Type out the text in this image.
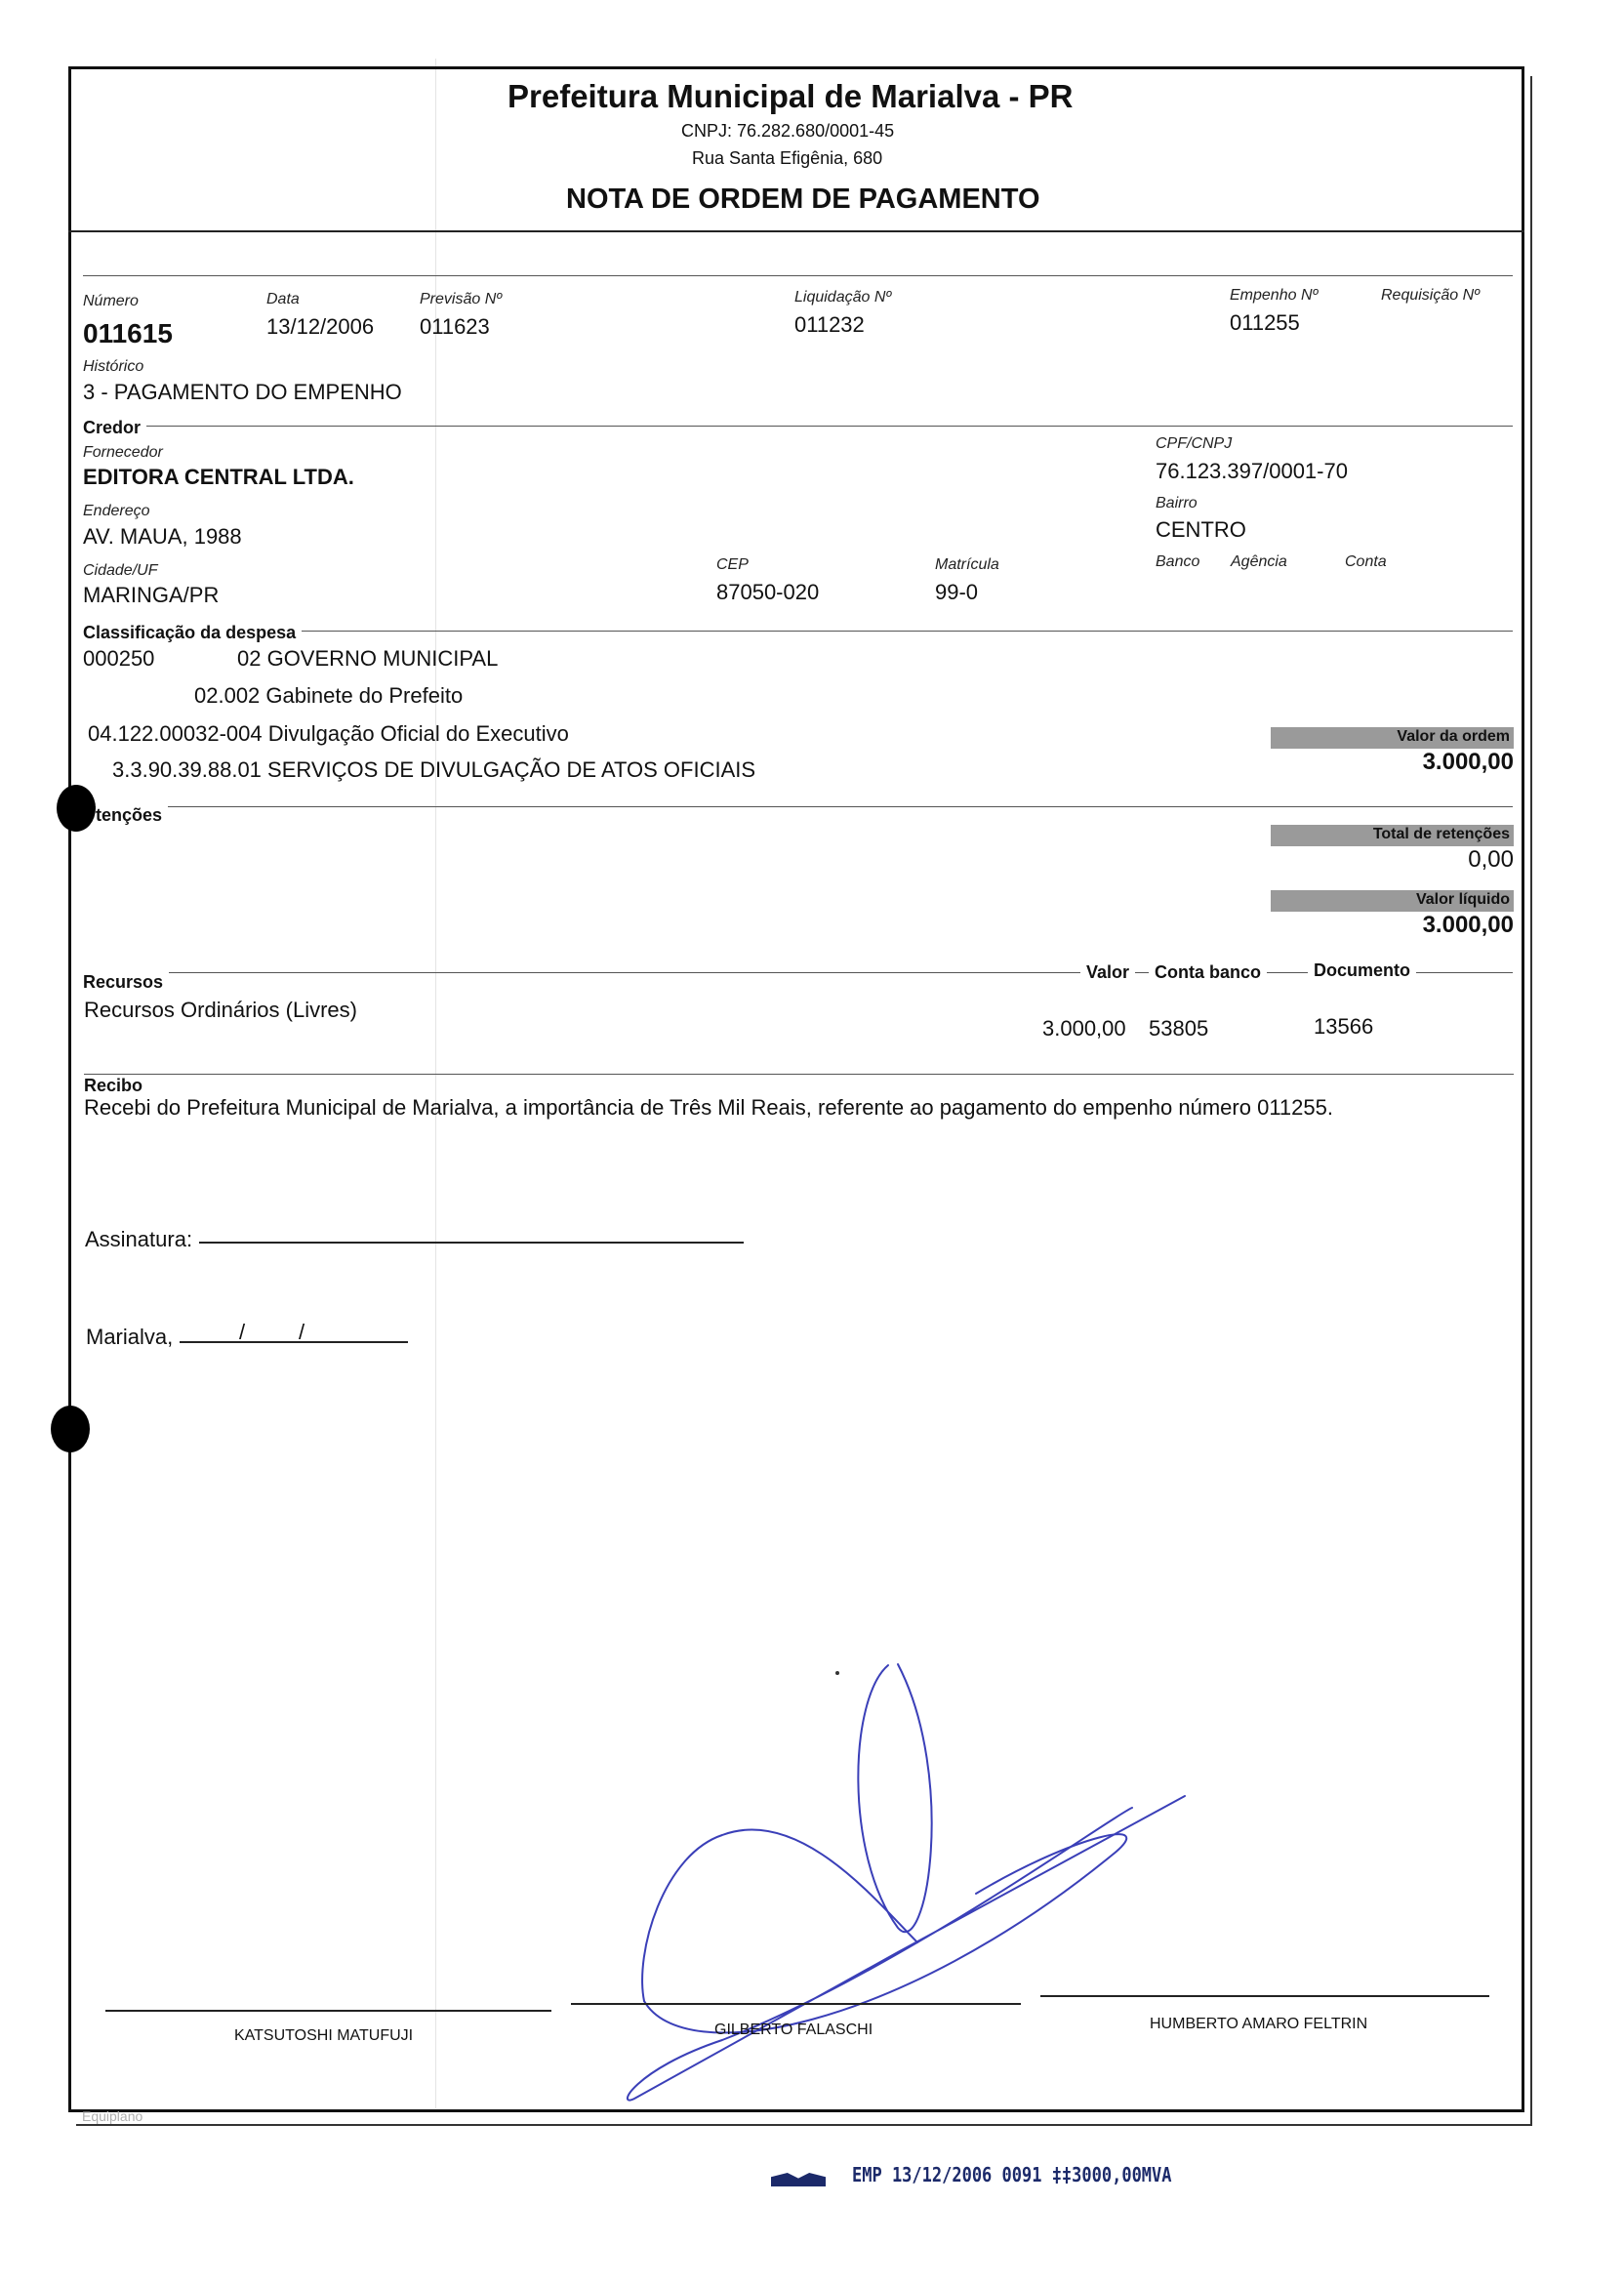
Prefeitura Municipal de Marialva - PR
CNPJ: 76.282.680/0001-45
Rua Santa Efigênia, 680
NOTA DE ORDEM DE PAGAMENTO
Número
011615
Data
13/12/2006
Previsão Nº
011623
Liquidação Nº
011232
Empenho Nº
011255
Requisição Nº
Histórico
3 - PAGAMENTO DO EMPENHO
Credor
Fornecedor
EDITORA CENTRAL LTDA.
CPF/CNPJ
76.123.397/0001-70
Endereço
AV. MAUA, 1988
Bairro
CENTRO
Cidade/UF
MARINGA/PR
CEP
87050-020
Matrícula
99-0
Banco Agência	Conta
Classificação da despesa
000250	02 GOVERNO MUNICIPAL
02.002 Gabinete do Prefeito
04.122.00032-004 Divulgação Oficial do Executivo
3.3.90.39.88.01 SERVIÇOS DE DIVULGAÇÃO DE ATOS OFICIAIS
Valor da ordem
3.000,00
tenções
Total de retenções
0,00
Valor líquido
3.000,00
Recursos	Valor	Conta banco	Documento
Recursos Ordinários (Livres)
3.000,00 53805	13566
Recibo
Recebi do Prefeitura Municipal de Marialva, a importância de Três Mil Reais, referente ao pagamento do empenho número 011255.
Assinatura:
Marialva,	/ /
KATSUTOSHI MATUFUJI	GILBERTO FALASCHI	HUMBERTO AMARO FELTRIN
Equiplano
EMP 13/12/2006 0091 ‡‡3000,00MVA
